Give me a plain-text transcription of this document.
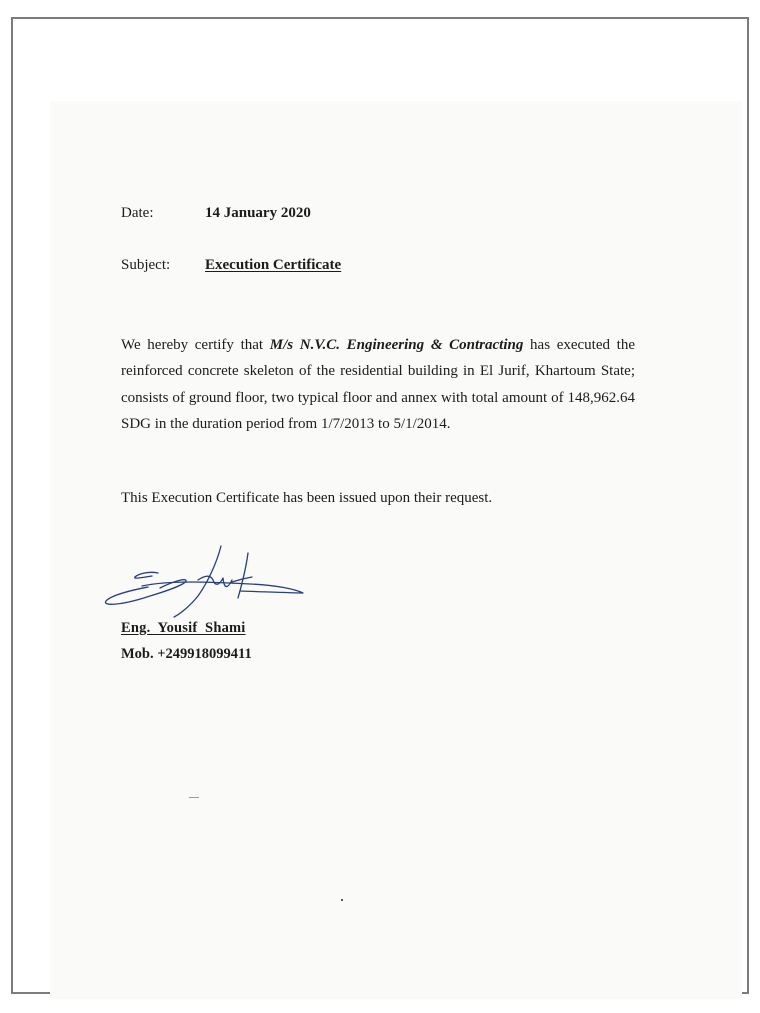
Date:	14 January 2020
Subject: Execution Certificate

We hereby certify that M/s N.V.C. Engineering & Contracting has executed the reinforced concrete skeleton of the residential building in El Jurif, Khartoum State; consists of ground floor, two typical floor and annex with total amount of 148,962.64 SDG in the duration period from 1/7/2013 to 5/1/2014.

This Execution Certificate has been issued upon their request.

Eng.  Yousif  Shami
Mob. +249918099411
